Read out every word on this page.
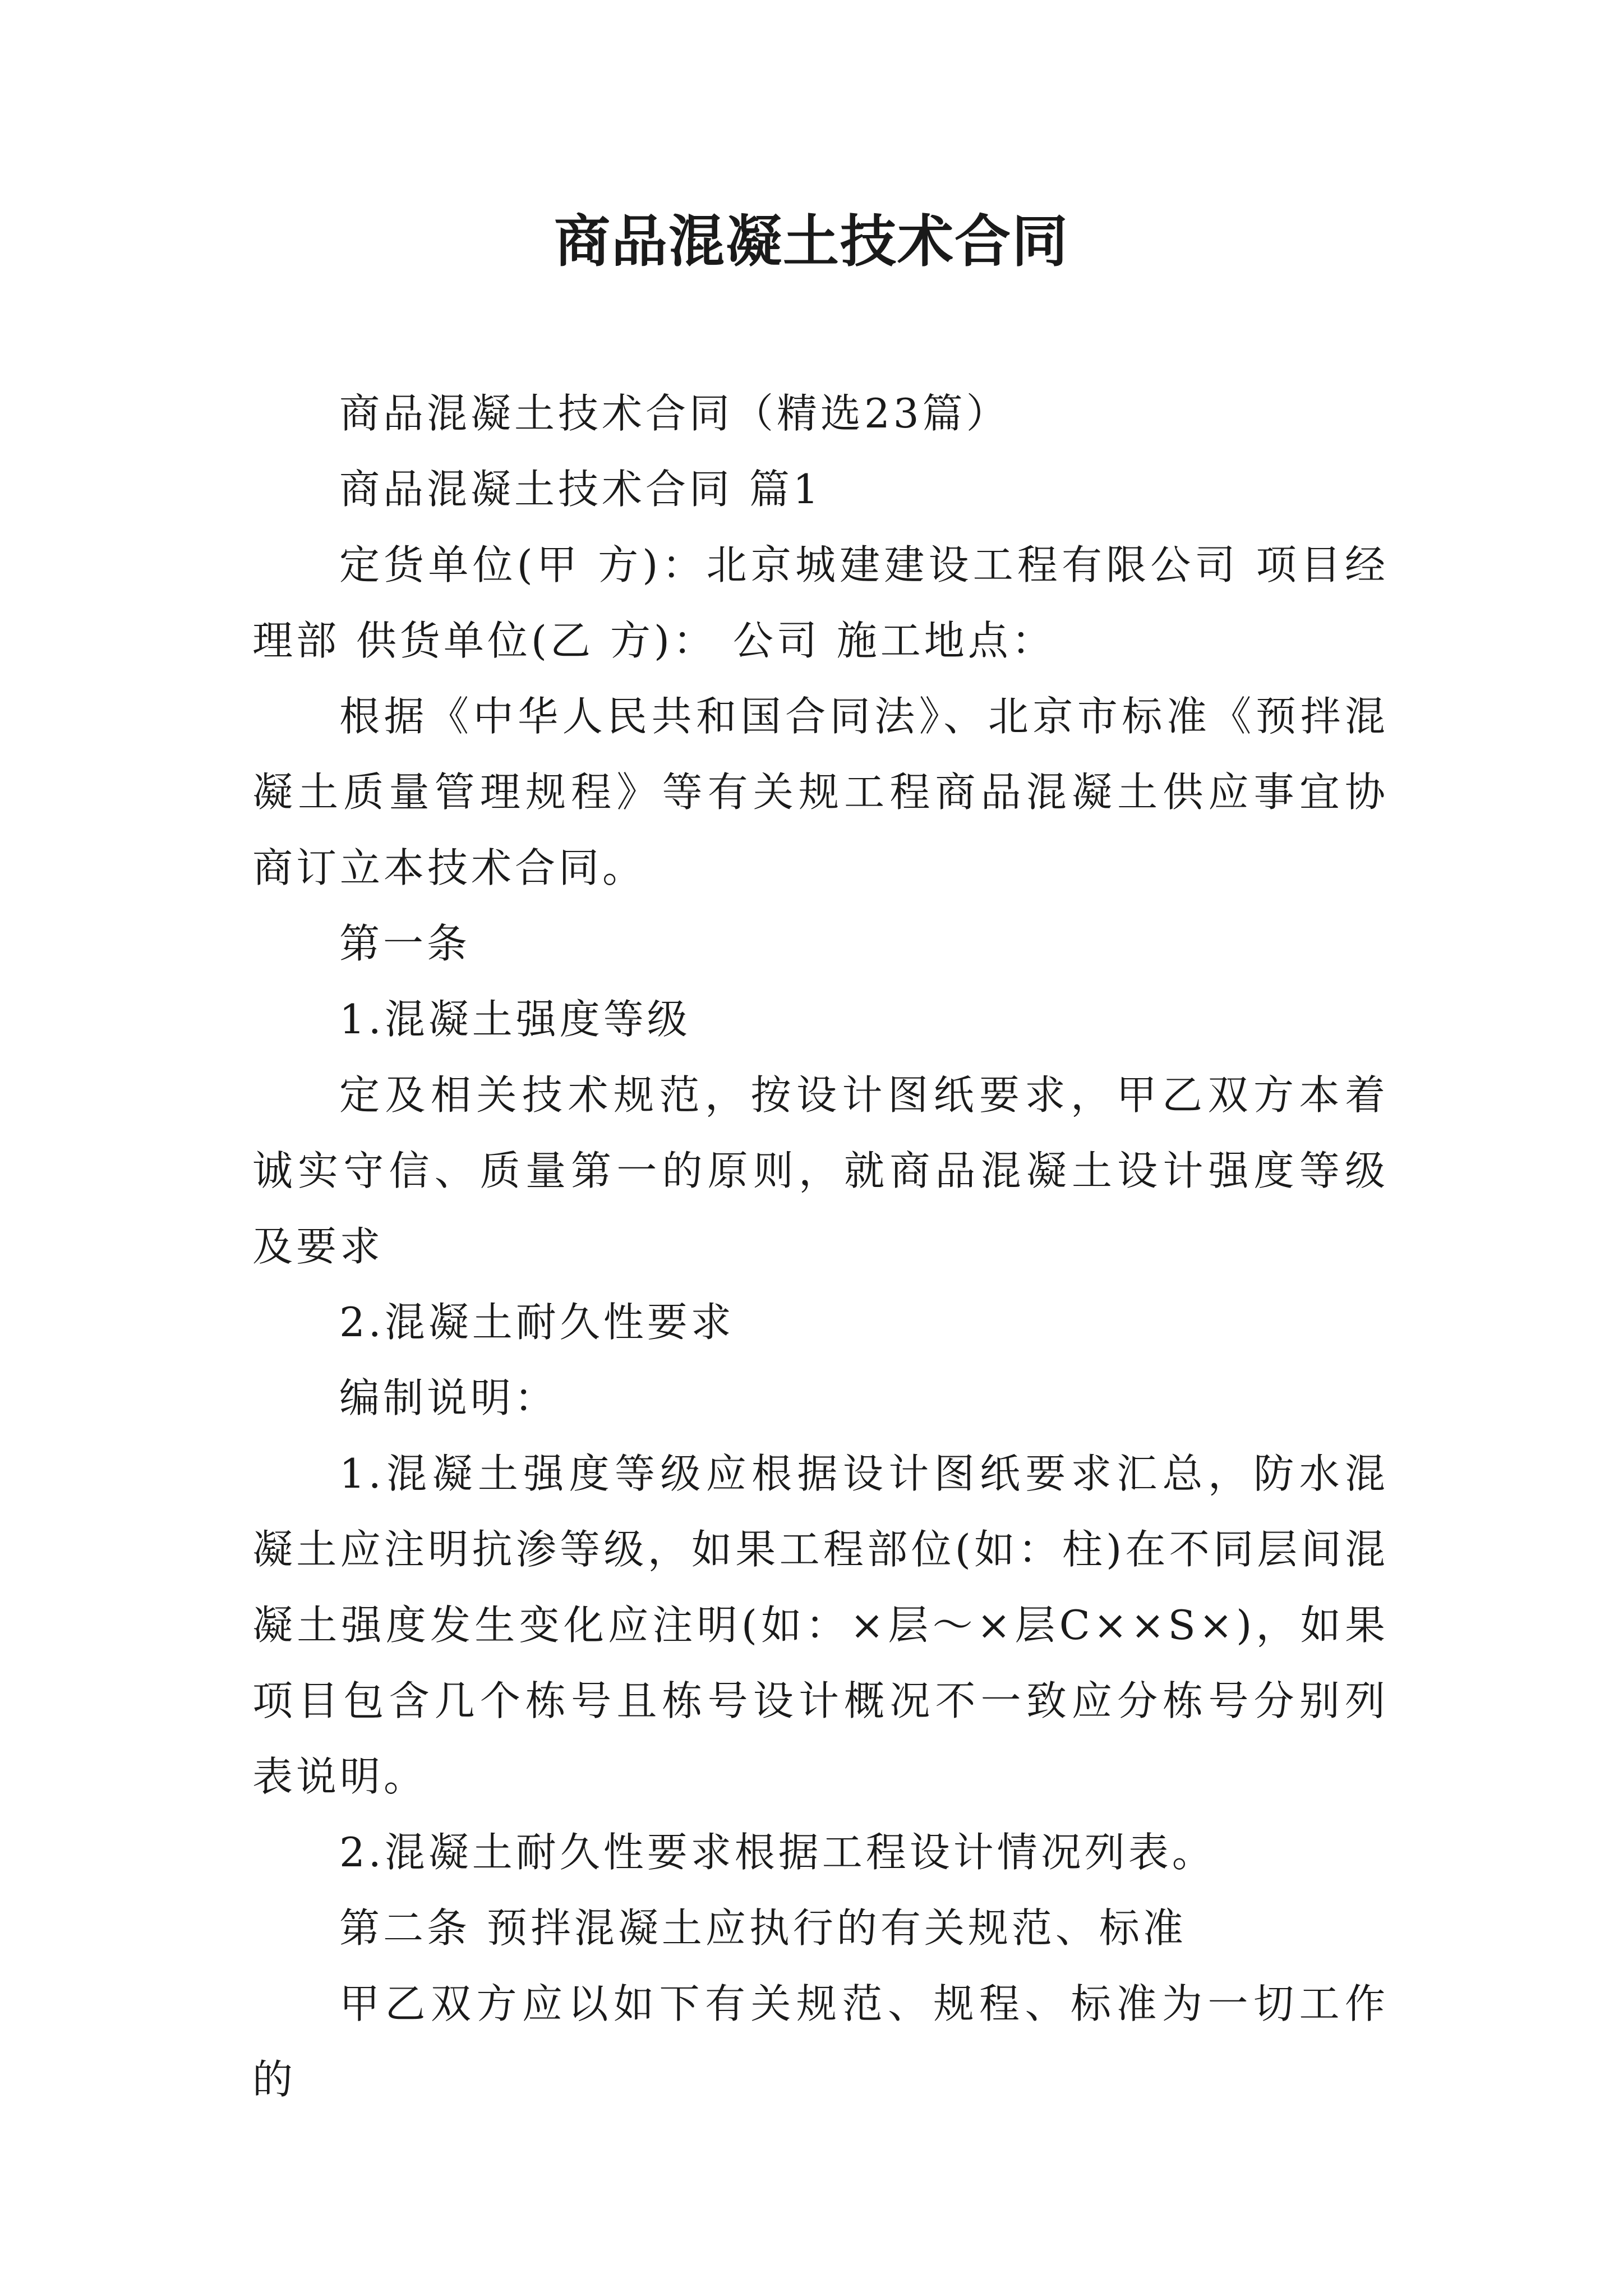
商品混凝土技术合同

商品混凝土技术合同（精选23篇）

商品混凝土技术合同 篇1

定货单位(甲 方)：北京城建建设工程有限公司 项目经理部 供货单位(乙 方)： 公司 施工地点：

根据《中华人民共和国合同法》、北京市标准《预拌混凝土质量管理规程》等有关规工程商品混凝土供应事宜协商订立本技术合同。

第一条

1.混凝土强度等级

定及相关技术规范，按设计图纸要求，甲乙双方本着诚实守信、质量第一的原则，就商品混凝土设计强度等级及要求

2.混凝土耐久性要求

编制说明：

1.混凝土强度等级应根据设计图纸要求汇总，防水混凝土应注明抗渗等级，如果工程部位(如：柱)在不同层间混凝土强度发生变化应注明(如：×层～×层C××S×)，如果项目包含几个栋号且栋号设计概况不一致应分栋号分别列表说明。

2.混凝土耐久性要求根据工程设计情况列表。

第二条 预拌混凝土应执行的有关规范、标准

甲乙双方应以如下有关规范、规程、标准为一切工作的
